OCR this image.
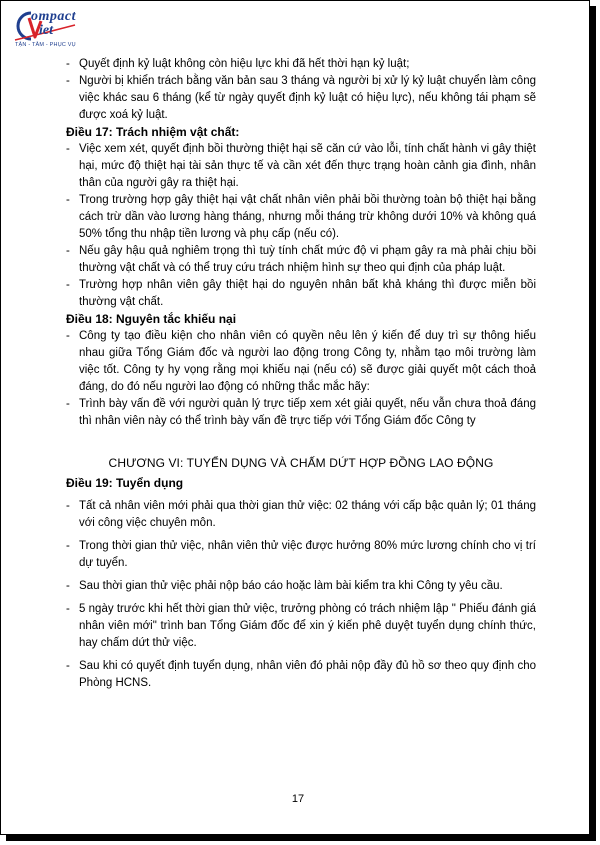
ompact
iet
TẬN - TÂM - PHỤC VỤ
- Quyết định kỷ luật không còn hiệu lực khi đã hết thời hạn kỷ luật;
- Người bị khiển trách bằng văn bản sau 3 tháng và người bị xử lý kỷ luật chuyển làm công việc khác sau 6 tháng (kể từ ngày quyết định kỷ luật có hiệu lực), nếu không tái phạm sẽ được xoá kỷ luật.
Điều 17: Trách nhiệm vật chất:
- Việc xem xét, quyết định bồi thường thiệt hại sẽ căn cứ vào lỗi, tính chất hành vi gây thiệt hại, mức độ thiệt hại tài sản thực tế và cần xét đến thực trạng hoàn cảnh gia đình, nhân thân của người gây ra thiệt hại.
- Trong trường hợp gây thiệt hại vật chất nhân viên phải bồi thường toàn bộ thiệt hại bằng cách trừ dần vào lương hàng tháng, nhưng mỗi tháng trừ không dưới 10% và không quá 50% tổng thu nhập tiền lương và phụ cấp (nếu có).
- Nếu gây hậu quả nghiêm trọng thì tuỳ tính chất mức độ vi phạm gây ra mà phải chịu bồi thường vật chất và có thể truy cứu trách nhiệm hình sự theo qui định của pháp luật.
- Trường hợp nhân viên gây thiệt hại do nguyên nhân bất khả kháng thì được miễn bồi thường vật chất.
Điều 18: Nguyên tắc khiếu nại
- Công ty tạo điều kiện cho nhân viên có quyền nêu lên ý kiến để duy trì sự thông hiểu nhau giữa Tổng Giám đốc và người lao động trong Công ty, nhằm tạo môi trường làm việc tốt. Công ty hy vọng rằng mọi khiếu nại (nếu có) sẽ được giải quyết một cách thoả đáng, do đó nếu người lao động có những thắc mắc hãy:
- Trình bày vấn đề với người quản lý trực tiếp xem xét giải quyết, nếu vẫn chưa thoả đáng thì nhân viên này có thể trình bày vấn đề trực tiếp với Tổng Giám đốc Công ty
CHƯƠNG VI: TUYỂN DỤNG VÀ CHẤM DỨT HỢP ĐỒNG LAO ĐỘNG
Điều 19: Tuyển dụng
- Tất cả nhân viên mới phải qua thời gian thử việc: 02 tháng với cấp bậc quản lý; 01 tháng với công việc chuyên môn.
- Trong thời gian thử việc, nhân viên thử việc được hưởng 80% mức lương chính cho vị trí dự tuyển.
- Sau thời gian thử việc phải nộp báo cáo hoặc làm bài kiểm tra khi Công ty yêu cầu.
- 5 ngày trước khi hết thời gian thử việc, trưởng phòng có trách nhiệm lập " Phiếu đánh giá nhân viên mới" trình ban Tổng Giám đốc để xin ý kiến phê duyệt tuyển dụng chính thức, hay chấm dứt thử việc.
- Sau khi có quyết định tuyển dụng, nhân viên đó phải nộp đầy đủ hồ sơ theo quy định cho Phòng HCNS.
17
